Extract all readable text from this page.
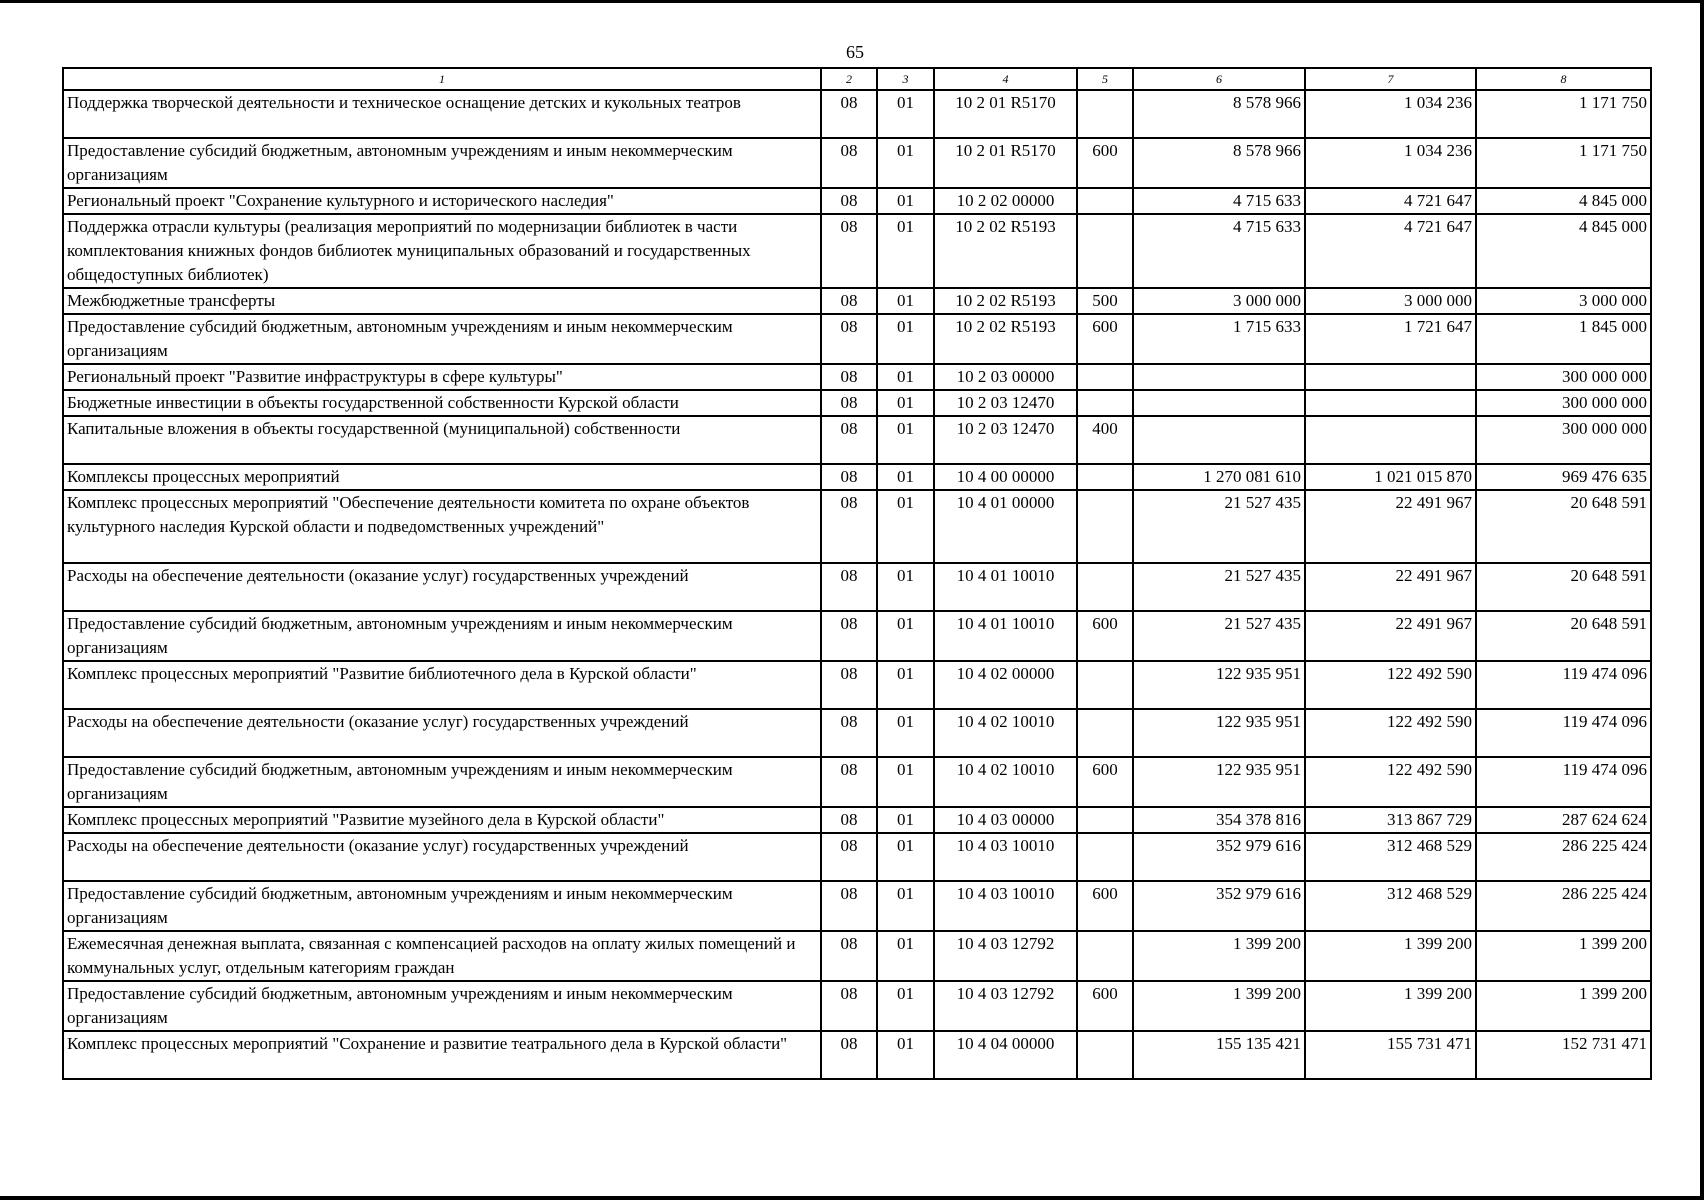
65
1	2	3	4	5	6	7	8
Поддержка творческой деятельности и техническое оснащение детских и кукольных театров	08	01	10 2 01 R5170		8 578 966	1 034 236	1 171 750
Предоставление субсидий бюджетным, автономным учреждениям и иным некоммерческим организациям	08	01	10 2 01 R5170	600	8 578 966	1 034 236	1 171 750
Региональный проект "Сохранение культурного и исторического наследия"	08	01	10 2 02 00000		4 715 633	4 721 647	4 845 000
Поддержка отрасли культуры (реализация мероприятий по модернизации библиотек в части комплектования книжных фондов библиотек муниципальных образований и государственных общедоступных библиотек)	08	01	10 2 02 R5193		4 715 633	4 721 647	4 845 000
Межбюджетные трансферты	08	01	10 2 02 R5193	500	3 000 000	3 000 000	3 000 000
Предоставление субсидий бюджетным, автономным учреждениям и иным некоммерческим организациям	08	01	10 2 02 R5193	600	1 715 633	1 721 647	1 845 000
Региональный проект "Развитие инфраструктуры в сфере культуры"	08	01	10 2 03 00000				300 000 000
Бюджетные инвестиции в объекты государственной собственности Курской области	08	01	10 2 03 12470				300 000 000
Капитальные вложения в объекты государственной (муниципальной) собственности	08	01	10 2 03 12470	400			300 000 000
Комплексы процессных мероприятий	08	01	10 4 00 00000		1 270 081 610	1 021 015 870	969 476 635
Комплекс процессных мероприятий "Обеспечение деятельности комитета по охране объектов культурного наследия Курской области и подведомственных учреждений"	08	01	10 4 01 00000		21 527 435	22 491 967	20 648 591
Расходы на обеспечение деятельности (оказание услуг) государственных учреждений	08	01	10 4 01 10010		21 527 435	22 491 967	20 648 591
Предоставление субсидий бюджетным, автономным учреждениям и иным некоммерческим организациям	08	01	10 4 01 10010	600	21 527 435	22 491 967	20 648 591
Комплекс процессных мероприятий "Развитие библиотечного дела в Курской области"	08	01	10 4 02 00000		122 935 951	122 492 590	119 474 096
Расходы на обеспечение деятельности (оказание услуг) государственных учреждений	08	01	10 4 02 10010		122 935 951	122 492 590	119 474 096
Предоставление субсидий бюджетным, автономным учреждениям и иным некоммерческим организациям	08	01	10 4 02 10010	600	122 935 951	122 492 590	119 474 096
Комплекс процессных мероприятий "Развитие музейного дела в Курской области"	08	01	10 4 03 00000		354 378 816	313 867 729	287 624 624
Расходы на обеспечение деятельности (оказание услуг) государственных учреждений	08	01	10 4 03 10010		352 979 616	312 468 529	286 225 424
Предоставление субсидий бюджетным, автономным учреждениям и иным некоммерческим организациям	08	01	10 4 03 10010	600	352 979 616	312 468 529	286 225 424
Ежемесячная денежная выплата, связанная с компенсацией расходов на оплату жилых помещений и коммунальных услуг, отдельным категориям граждан	08	01	10 4 03 12792		1 399 200	1 399 200	1 399 200
Предоставление субсидий бюджетным, автономным учреждениям и иным некоммерческим организациям	08	01	10 4 03 12792	600	1 399 200	1 399 200	1 399 200
Комплекс процессных мероприятий "Сохранение и развитие театрального дела в Курской области"	08	01	10 4 04 00000		155 135 421	155 731 471	152 731 471
